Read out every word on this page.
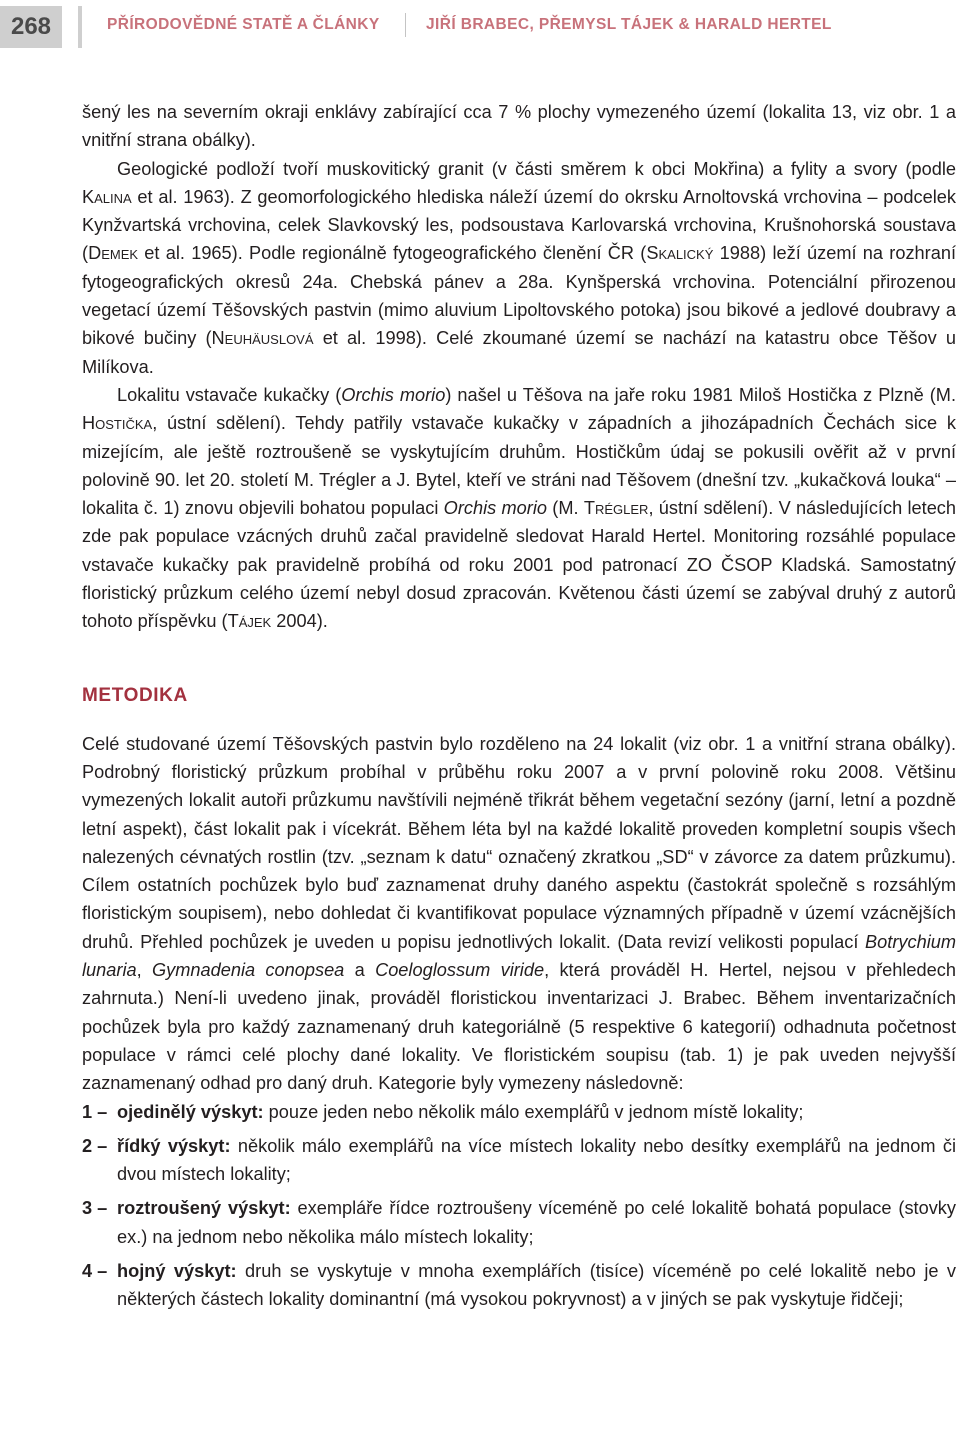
268	PŘÍRODOVĚDNÉ STATĚ A ČLÁNKY	JIŘÍ BRABEC, PŘEMYSL TÁJEK & HARALD HERTEL

šený les na severním okraji enklávy zabírající cca 7 % plochy vymezeného území (lokalita 13, viz obr. 1 a vnitřní strana obálky).

Geologické podloží tvoří muskovitický granit (v části směrem k obci Mokřina) a fylity a svory (podle Kalina et al. 1963). Z geomorfologického hlediska náleží území do okrsku Arnoltovská vrchovina – podcelek Kynžvartská vrchovina, celek Slavkovský les, podsoustava Karlovarská vrchovina, Krušnohorská soustava (Demek et al. 1965). Podle regionálně fytogeografického členění ČR (Skalický 1988) leží území na rozhraní fytogeografických okresů 24a. Chebská pánev a 28a. Kynšperská vrchovina. Potenciální přirozenou vegetací území Těšovských pastvin (mimo aluvium Lipoltovského potoka) jsou bikové a jedlové doubravy a bikové bučiny (Neuhäuslová et al. 1998). Celé zkoumané území se nachází na katastru obce Těšov u Milíkova.

Lokalitu vstavače kukačky (Orchis morio) našel u Těšova na jaře roku 1981 Miloš Hostička z Plzně (M. Hostička, ústní sdělení). Tehdy patřily vstavače kukačky v západních a jihozápadních Čechách sice k mizejícím, ale ještě roztroušeně se vyskytujícím druhům. Hostičkům údaj se pokusili ověřit až v první polovině 90. let 20. století M. Trégler a J. Bytel, kteří ve stráni nad Těšovem (dnešní tzv. „kukačková louka“ – lokalita č. 1) znovu objevili bohatou populaci Orchis morio (M. Trégler, ústní sdělení). V následujících letech zde pak populace vzácných druhů začal pravidelně sledovat Harald Hertel. Monitoring rozsáhlé populace vstavače kukačky pak pravidelně probíhá od roku 2001 pod patronací ZO ČSOP Kladská. Samostatný floristický průzkum celého území nebyl dosud zpracován. Květenou části území se zabýval druhý z autorů tohoto příspěvku (Tájek 2004).

METODIKA

Celé studované území Těšovských pastvin bylo rozděleno na 24 lokalit (viz obr. 1 a vnitřní strana obálky). Podrobný floristický průzkum probíhal v průběhu roku 2007 a v první polovině roku 2008. Většinu vymezených lokalit autoři průzkumu navštívili nejméně třikrát během vegetační sezóny (jarní, letní a pozdně letní aspekt), část lokalit pak i vícekrát. Během léta byl na každé lokalitě proveden kompletní soupis všech nalezených cévnatých rostlin (tzv. „seznam k datu“ označený zkratkou „SD“ v závorce za datem průzkumu). Cílem ostatních pochůzek bylo buď zaznamenat druhy daného aspektu (častokrát společně s rozsáhlým floristickým soupisem), nebo dohledat či kvantifikovat populace významných případně v území vzácnějších druhů. Přehled pochůzek je uveden u popisu jednotlivých lokalit. (Data revizí velikosti populací Botrychium lunaria, Gymnadenia conopsea a Coeloglossum viride, která prováděl H. Hertel, nejsou v přehledech zahrnuta.) Není-li uvedeno jinak, prováděl floristickou inventarizaci J. Brabec. Během inventarizačních pochůzek byla pro každý zaznamenaný druh kategoriálně (5 respektive 6 kategorií) odhadnuta početnost populace v rámci celé plochy dané lokality. Ve floristickém soupisu (tab. 1) je pak uveden nejvyšší zaznamenaný odhad pro daný druh. Kategorie byly vymezeny následovně:

1 – ojedinělý výskyt: pouze jeden nebo několik málo exemplářů v jednom místě lokality;
2 – řídký výskyt: několik málo exemplářů na více místech lokality nebo desítky exemplářů na jednom či dvou místech lokality;
3 – roztroušený výskyt: exempláře řídce roztroušeny víceméně po celé lokalitě bohatá populace (stovky ex.) na jednom nebo několika málo místech lokality;
4 – hojný výskyt: druh se vyskytuje v mnoha exemplářích (tisíce) víceméně po celé lokalitě nebo je v některých částech lokality dominantní (má vysokou pokryvnost) a v jiných se pak vyskytuje řidčeji;
